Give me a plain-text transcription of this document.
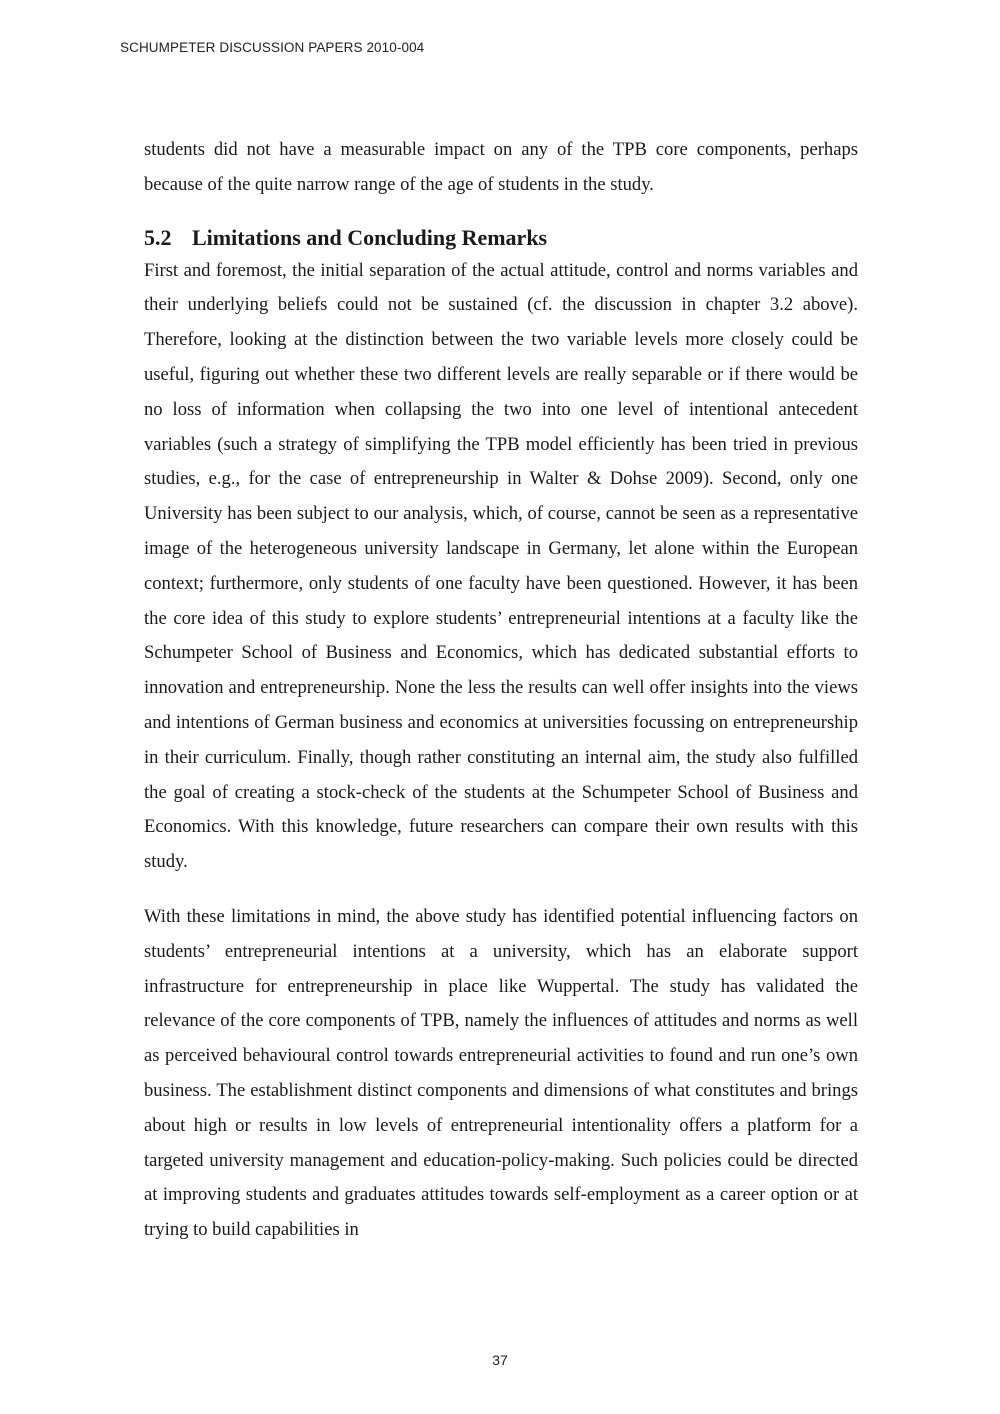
SCHUMPETER DISCUSSION PAPERS 2010-004

students did not have a measurable impact on any of the TPB core components, perhaps because of the quite narrow range of the age of students in the study.

5.2 Limitations and Concluding Remarks

First and foremost, the initial separation of the actual attitude, control and norms variables and their underlying beliefs could not be sustained (cf. the discussion in chapter 3.2 above). Therefore, looking at the distinction between the two variable levels more closely could be useful, figuring out whether these two different levels are really separable or if there would be no loss of information when collapsing the two into one level of intentional antecedent variables (such a strategy of simplifying the TPB model efficiently has been tried in previous studies, e.g., for the case of entrepreneurship in Walter & Dohse 2009). Second, only one University has been subject to our analysis, which, of course, cannot be seen as a representative image of the heterogeneous university landscape in Germany, let alone within the European context; furthermore, only students of one faculty have been questioned. However, it has been the core idea of this study to explore students’ entrepreneurial intentions at a faculty like the Schumpeter School of Business and Economics, which has dedicated substantial efforts to innovation and entrepreneurship. None the less the results can well offer insights into the views and intentions of German business and economics at universities focussing on entrepreneurship in their curriculum. Finally, though rather constituting an internal aim, the study also fulfilled the goal of creating a stock-check of the students at the Schumpeter School of Business and Economics. With this knowledge, future researchers can compare their own results with this study.

With these limitations in mind, the above study has identified potential influencing factors on students’ entrepreneurial intentions at a university, which has an elaborate support infrastructure for entrepreneurship in place like Wuppertal. The study has validated the relevance of the core components of TPB, namely the influences of attitudes and norms as well as perceived behavioural control towards entrepreneurial activities to found and run one’s own business. The establishment distinct components and dimensions of what constitutes and brings about high or results in low levels of entrepreneurial intentionality offers a platform for a targeted university management and education-policy-making. Such policies could be directed at improving students and graduates attitudes towards self-employment as a career option or at trying to build capabilities in

37
